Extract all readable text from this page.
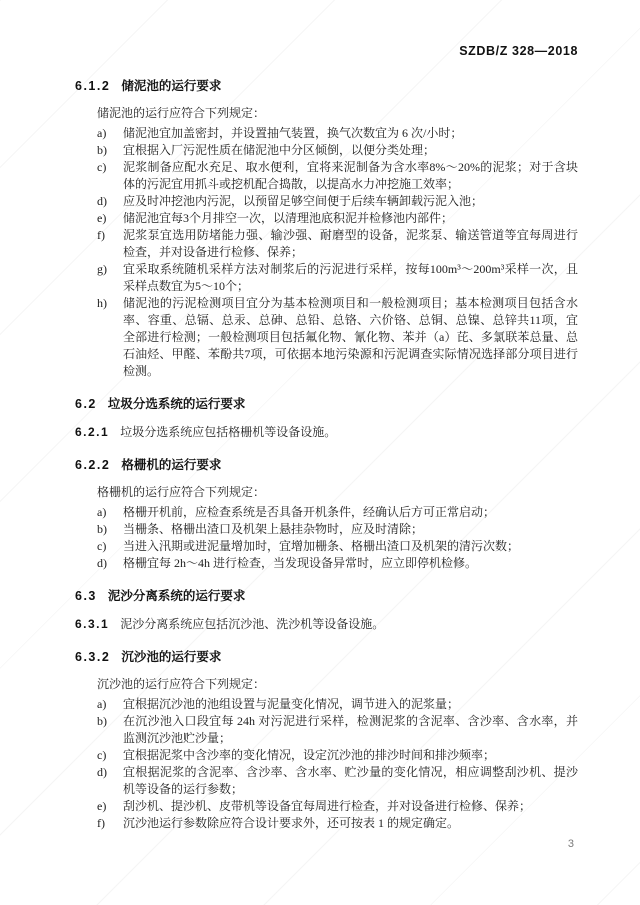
SZDB/Z 328—2018
6.1.2 储泥池的运行要求
储泥池的运行应符合下列规定：
a)	储泥池宜加盖密封，并设置抽气装置，换气次数宜为 6 次/小时；
b)	宜根据入厂污泥性质在储泥池中分区倾倒，以便分类处理；
c)	泥浆制备应配水充足、取水便利，宜将来泥制备为含水率8%～20%的泥浆；对于含块体的污泥宜用抓斗或挖机配合捣散，以提高水力冲挖施工效率；
d)	应及时冲挖池内污泥，以预留足够空间便于后续车辆卸载污泥入池；
e)	储泥池宜每3个月排空一次，以清理池底积泥并检修池内部件；
f)	泥浆泵宜选用防堵能力强、输沙强、耐磨型的设备，泥浆泵、输送管道等宜每周进行检查，并对设备进行检修、保养；
g)	宜采取系统随机采样方法对制浆后的污泥进行采样，按每100m³～200m³采样一次，且采样点数宜为5～10个；
h)	储泥池的污泥检测项目宜分为基本检测项目和一般检测项目；基本检测项目包括含水率、容重、总镉、总汞、总砷、总铅、总铬、六价铬、总铜、总镍、总锌共11项，宜全部进行检测；一般检测项目包括氟化物、氰化物、苯并（a）芘、多氯联苯总量、总石油烃、甲醛、苯酚共7项，可依据本地污染源和污泥调查实际情况选择部分项目进行检测。
6.2 垃圾分选系统的运行要求
6.2.1 垃圾分选系统应包括格栅机等设备设施。
6.2.2 格栅机的运行要求
格栅机的运行应符合下列规定：
a)	格栅开机前，应检查系统是否具备开机条件，经确认后方可正常启动；
b)	当栅条、格栅出渣口及机架上悬挂杂物时，应及时清除；
c)	当进入汛期或进泥量增加时，宜增加栅条、格栅出渣口及机架的清污次数；
d)	格栅宜每 2h～4h 进行检查，当发现设备异常时，应立即停机检修。
6.3 泥沙分离系统的运行要求
6.3.1 泥沙分离系统应包括沉沙池、洗沙机等设备设施。
6.3.2 沉沙池的运行要求
沉沙池的运行应符合下列规定：
a)	宜根据沉沙池的池组设置与泥量变化情况，调节进入的泥浆量；
b)	在沉沙池入口段宜每 24h 对污泥进行采样，检测泥浆的含泥率、含沙率、含水率，并监测沉沙池贮沙量；
c)	宜根据泥浆中含沙率的变化情况，设定沉沙池的排沙时间和排沙频率；
d)	宜根据泥浆的含泥率、含沙率、含水率、贮沙量的变化情况，相应调整刮沙机、提沙机等设备的运行参数；
e)	刮沙机、提沙机、皮带机等设备宜每周进行检查，并对设备进行检修、保养；
f)	沉沙池运行参数除应符合设计要求外，还可按表 1 的规定确定。
3
